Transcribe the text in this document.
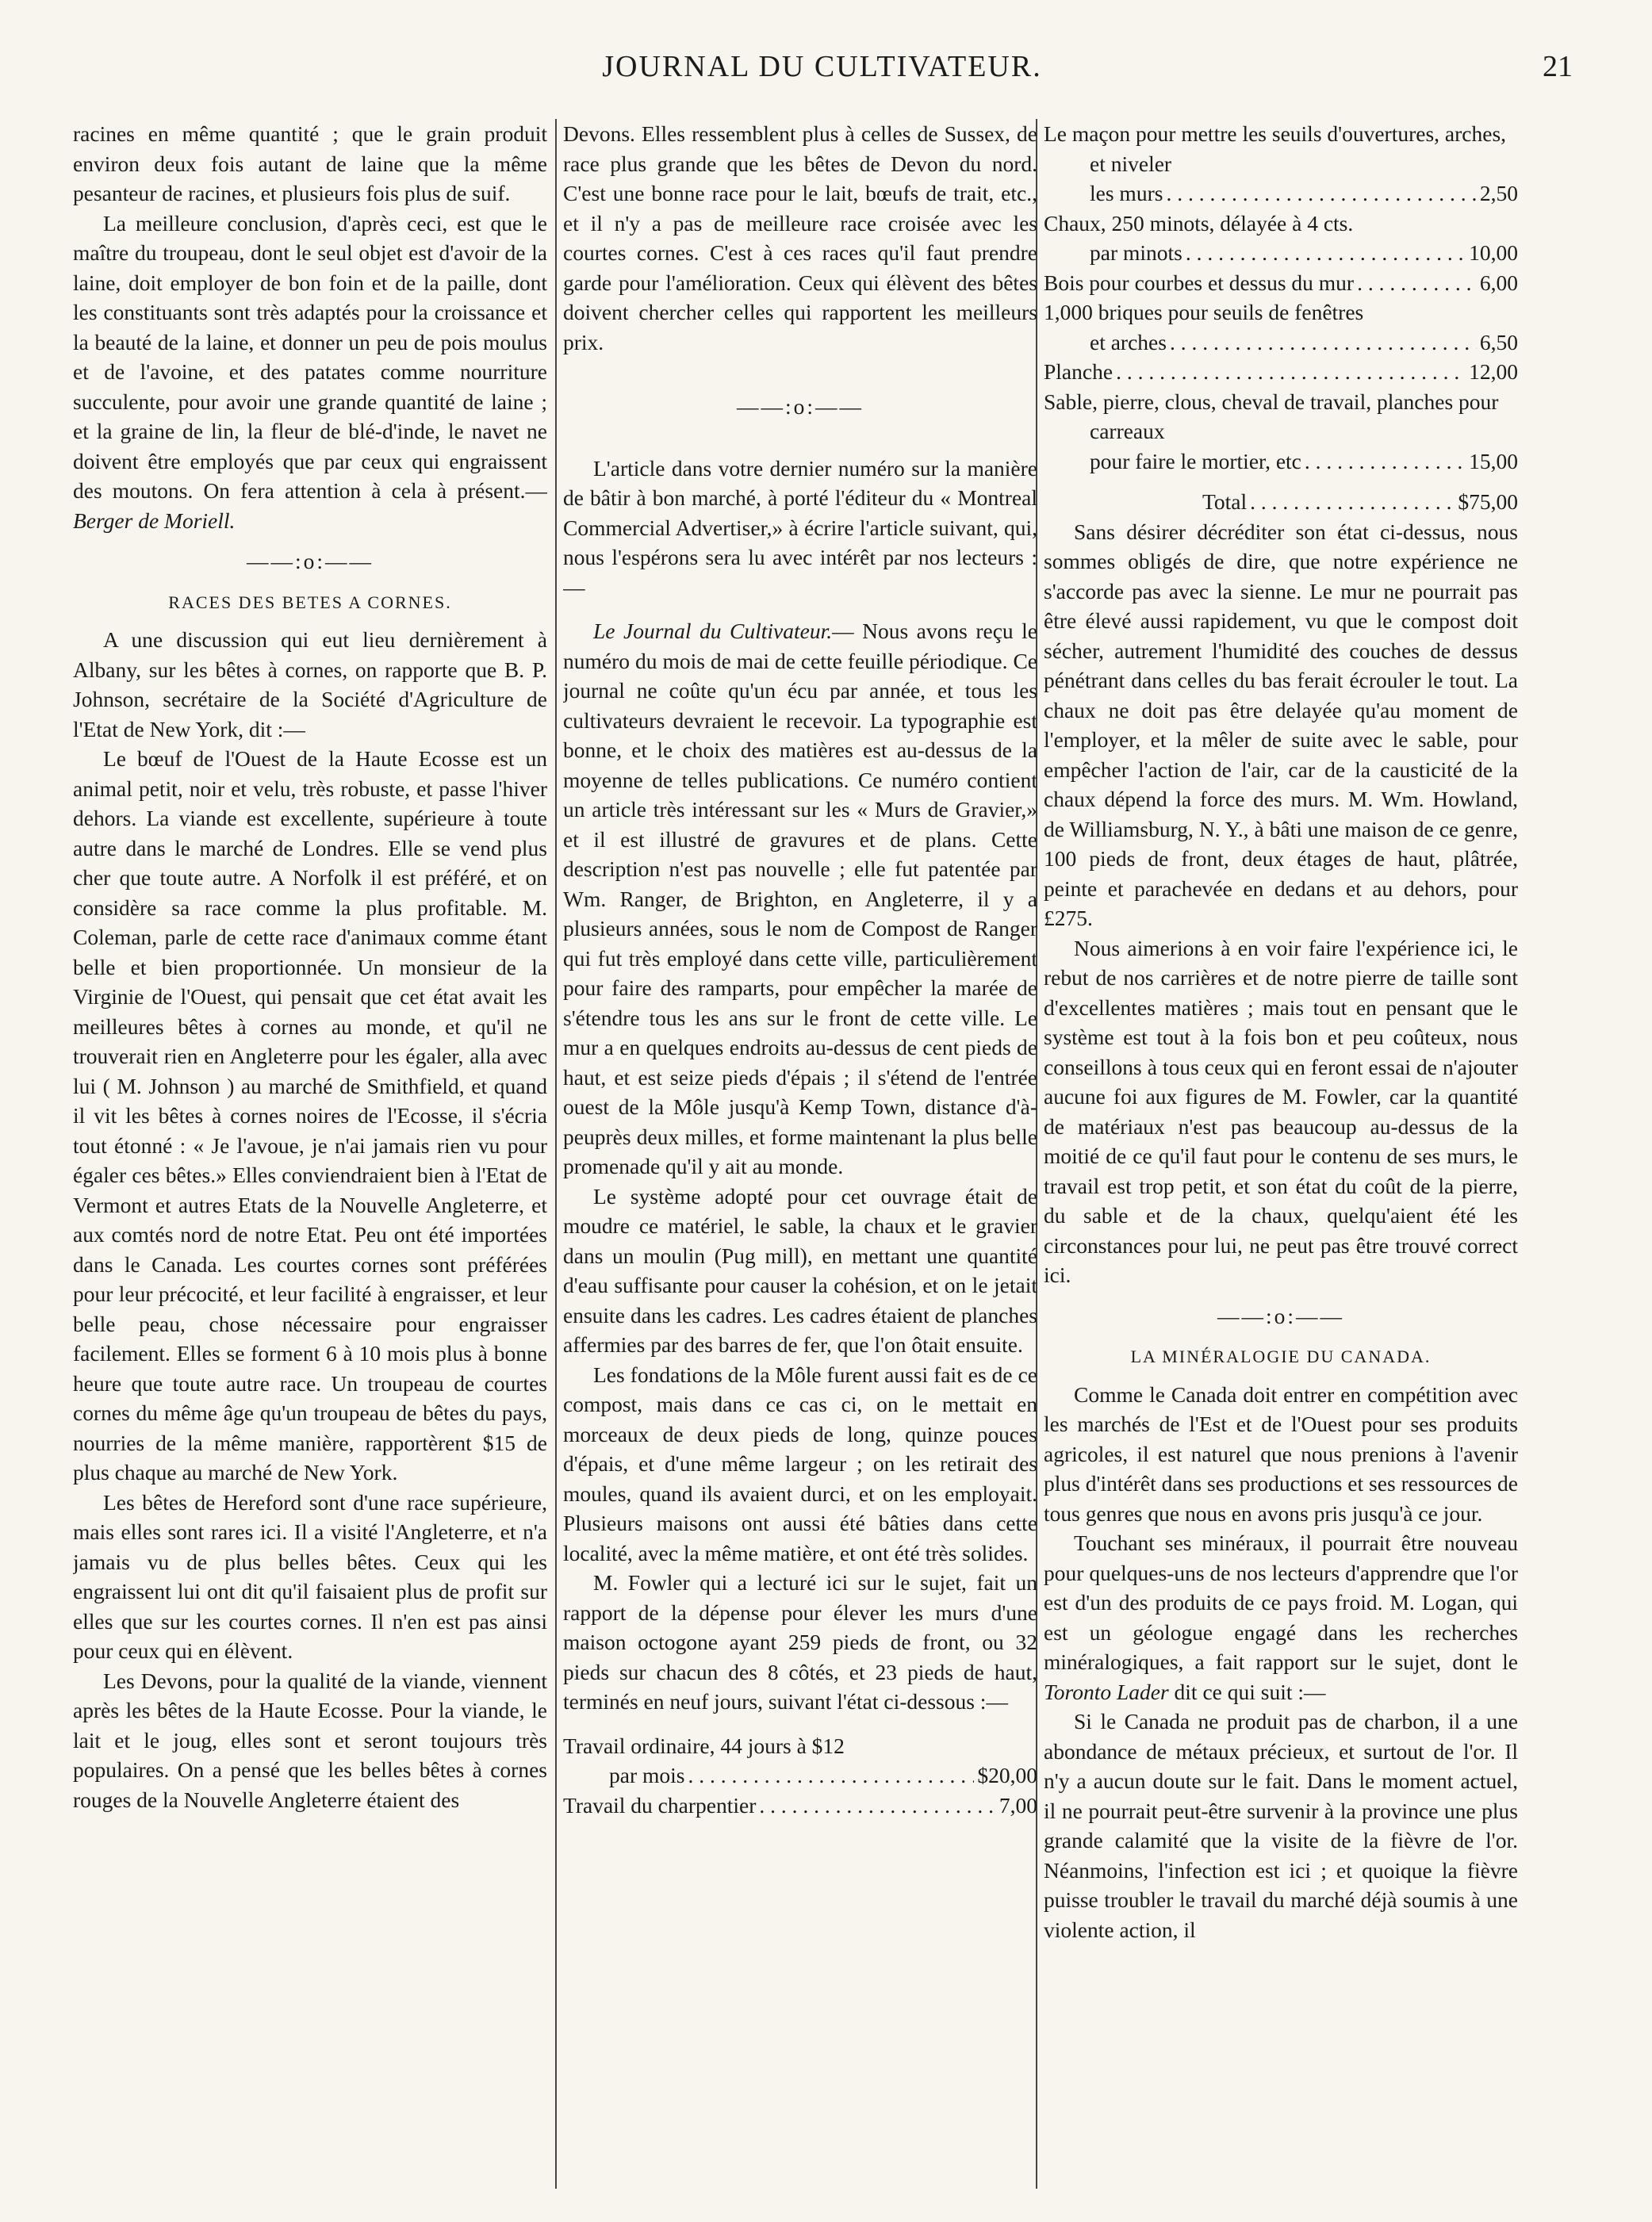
JOURNAL DU CULTIVATEUR.	21

racines en même quantité ; que le grain produit environ deux fois autant de laine que la même pesanteur de racines, et plusieurs fois plus de suif.

La meilleure conclusion, d'après ceci, est que le maître du troupeau, dont le seul objet est d'avoir de la laine, doit employer de bon foin et de la paille, dont les constituants sont très adaptés pour la croissance et la beauté de la laine, et donner un peu de pois moulus et de l'avoine, et des patates comme nourriture succulente, pour avoir une grande quantité de laine ; et la graine de lin, la fleur de blé-d'inde, le navet ne doivent être employés que par ceux qui engraissent des moutons. On fera attention à cela à présent.—Berger de Moriell.

——:o:——
RACES DES BETES A CORNES.

A une discussion qui eut lieu dernièrement à Albany, sur les bêtes à cornes, on rapporte que B. P. Johnson, secrétaire de la Société d'Agriculture de l'Etat de New York, dit :—

Le bœuf de l'Ouest de la Haute Ecosse est un animal petit, noir et velu, très robuste, et passe l'hiver dehors. La viande est excellente, supérieure à toute autre dans le marché de Londres. Elle se vend plus cher que toute autre. A Norfolk il est préféré, et on considère sa race comme la plus profitable. M. Coleman, parle de cette race d'animaux comme étant belle et bien proportionnée. Un monsieur de la Virginie de l'Ouest, qui pensait que cet état avait les meilleures bêtes à cornes au monde, et qu'il ne trouverait rien en Angleterre pour les égaler, alla avec lui ( M. Johnson ) au marché de Smithfield, et quand il vit les bêtes à cornes noires de l'Ecosse, il s'écria tout étonné : « Je l'avoue, je n'ai jamais rien vu pour égaler ces bêtes.» Elles conviendraient bien à l'Etat de Vermont et autres Etats de la Nouvelle Angleterre, et aux comtés nord de notre Etat. Peu ont été importées dans le Canada. Les courtes cornes sont préférées pour leur précocité, et leur facilité à engraisser, et leur belle peau, chose nécessaire pour engraisser facilement. Elles se forment 6 à 10 mois plus à bonne heure que toute autre race. Un troupeau de courtes cornes du même âge qu'un troupeau de bêtes du pays, nourries de la même manière, rapportèrent $15 de plus chaque au marché de New York.

Les bêtes de Hereford sont d'une race supérieure, mais elles sont rares ici. Il a visité l'Angleterre, et n'a jamais vu de plus belles bêtes. Ceux qui les engraissent lui ont dit qu'il faisaient plus de profit sur elles que sur les courtes cornes. Il n'en est pas ainsi pour ceux qui en élèvent.

Les Devons, pour la qualité de la viande, viennent après les bêtes de la Haute Ecosse. Pour la viande, le lait et le joug, elles sont et seront toujours très populaires. On a pensé que les belles bêtes à cornes rouges de la Nouvelle Angleterre étaient des

Devons. Elles ressemblent plus à celles de Sussex, de race plus grande que les bêtes de Devon du nord. C'est une bonne race pour le lait, bœufs de trait, etc., et il n'y a pas de meilleure race croisée avec les courtes cornes. C'est à ces races qu'il faut prendre garde pour l'amélioration. Ceux qui élèvent des bêtes doivent chercher celles qui rapportent les meilleurs prix.

——:o:——

L'article dans votre dernier numéro sur la manière de bâtir à bon marché, à porté l'éditeur du « Montreal Commercial Advertiser,» à écrire l'article suivant, qui, nous l'espérons sera lu avec intérêt par nos lecteurs :—

Le Journal du Cultivateur.— Nous avons reçu le numéro du mois de mai de cette feuille périodique. Ce journal ne coûte qu'un écu par année, et tous les cultivateurs devraient le recevoir. La typographie est bonne, et le choix des matières est au-dessus de la moyenne de telles publications. Ce numéro contient un article très intéressant sur les « Murs de Gravier,» et il est illustré de gravures et de plans. Cette description n'est pas nouvelle ; elle fut patentée par Wm. Ranger, de Brighton, en Angleterre, il y a plusieurs années, sous le nom de Compost de Ranger qui fut très employé dans cette ville, particulièrement pour faire des ramparts, pour empêcher la marée de s'étendre tous les ans sur le front de cette ville. Le mur a en quelques endroits au-dessus de cent pieds de haut, et est seize pieds d'épais ; il s'étend de l'entrée ouest de la Môle jusqu'à Kemp Town, distance d'à-peuprès deux milles, et forme maintenant la plus belle promenade qu'il y ait au monde.

Le système adopté pour cet ouvrage était de moudre ce matériel, le sable, la chaux et le gravier dans un moulin (Pug mill), en mettant une quantité d'eau suffisante pour causer la cohésion, et on le jetait ensuite dans les cadres. Les cadres étaient de planches affermies par des barres de fer, que l'on ôtait ensuite.

Les fondations de la Môle furent aussi fait es de ce compost, mais dans ce cas ci, on le mettait en morceaux de deux pieds de long, quinze pouces d'épais, et d'une même largeur ; on les retirait des moules, quand ils avaient durci, et on les employait. Plusieurs maisons ont aussi été bâties dans cette localité, avec la même matière, et ont été très solides.

M. Fowler qui a lecturé ici sur le sujet, fait un rapport de la dépense pour élever les murs d'une maison octogone ayant 259 pieds de front, ou 32 pieds sur chacun des 8 côtés, et 23 pieds de haut, terminés en neuf jours, suivant l'état ci-dessous :—

Travail ordinaire, 44 jours à $12
par mois . . .	$20,00
Travail du charpentier . . .	7,00
Le maçon pour mettre les seuils d'ouvertures, arches, et niveler
les murs . . .	2,50
Chaux, 250 minots, délayée à 4 cts.
par minots . . .	10,00
Bois pour courbes et dessus du mur . . .	6,00
1,000 briques pour seuils de fenêtres
et arches . . .	6,50
Planche . . .	12,00
Sable, pierre, clous, cheval de travail, planches pour carreaux
pour faire le mortier, etc . . .	15,00
Total . . .	$75,00

Sans désirer décréditer son état ci-dessus, nous sommes obligés de dire, que notre expérience ne s'accorde pas avec la sienne. Le mur ne pourrait pas être élevé aussi rapidement, vu que le compost doit sécher, autrement l'humidité des couches de dessus pénétrant dans celles du bas ferait écrouler le tout. La chaux ne doit pas être delayée qu'au moment de l'employer, et la mêler de suite avec le sable, pour empêcher l'action de l'air, car de la causticité de la chaux dépend la force des murs. M. Wm. Howland, de Williamsburg, N. Y., à bâti une maison de ce genre, 100 pieds de front, deux étages de haut, plâtrée, peinte et parachevée en dedans et au dehors, pour £275.

Nous aimerions à en voir faire l'expérience ici, le rebut de nos carrières et de notre pierre de taille sont d'excellentes matières ; mais tout en pensant que le système est tout à la fois bon et peu coûteux, nous conseillons à tous ceux qui en feront essai de n'ajouter aucune foi aux figures de M. Fowler, car la quantité de matériaux n'est pas beaucoup au-dessus de la moitié de ce qu'il faut pour le contenu de ses murs, le travail est trop petit, et son état du coût de la pierre, du sable et de la chaux, quelqu'aient été les circonstances pour lui, ne peut pas être trouvé correct ici.

——:o:——
LA MINÉRALOGIE DU CANADA.

Comme le Canada doit entrer en compétition avec les marchés de l'Est et de l'Ouest pour ses produits agricoles, il est naturel que nous prenions à l'avenir plus d'intérêt dans ses productions et ses ressources de tous genres que nous en avons pris jusqu'à ce jour.

Touchant ses minéraux, il pourrait être nouveau pour quelques-uns de nos lecteurs d'apprendre que l'or est d'un des produits de ce pays froid. M. Logan, qui est un géologue engagé dans les recherches minéralogiques, a fait rapport sur le sujet, dont le Toronto Lader dit ce qui suit :—

Si le Canada ne produit pas de charbon, il a une abondance de métaux précieux, et surtout de l'or. Il n'y a aucun doute sur le fait. Dans le moment actuel, il ne pourrait peut-être survenir à la province une plus grande calamité que la visite de la fièvre de l'or. Néanmoins, l'infection est ici ; et quoique la fièvre puisse troubler le travail du marché déjà soumis à une violente action, il
